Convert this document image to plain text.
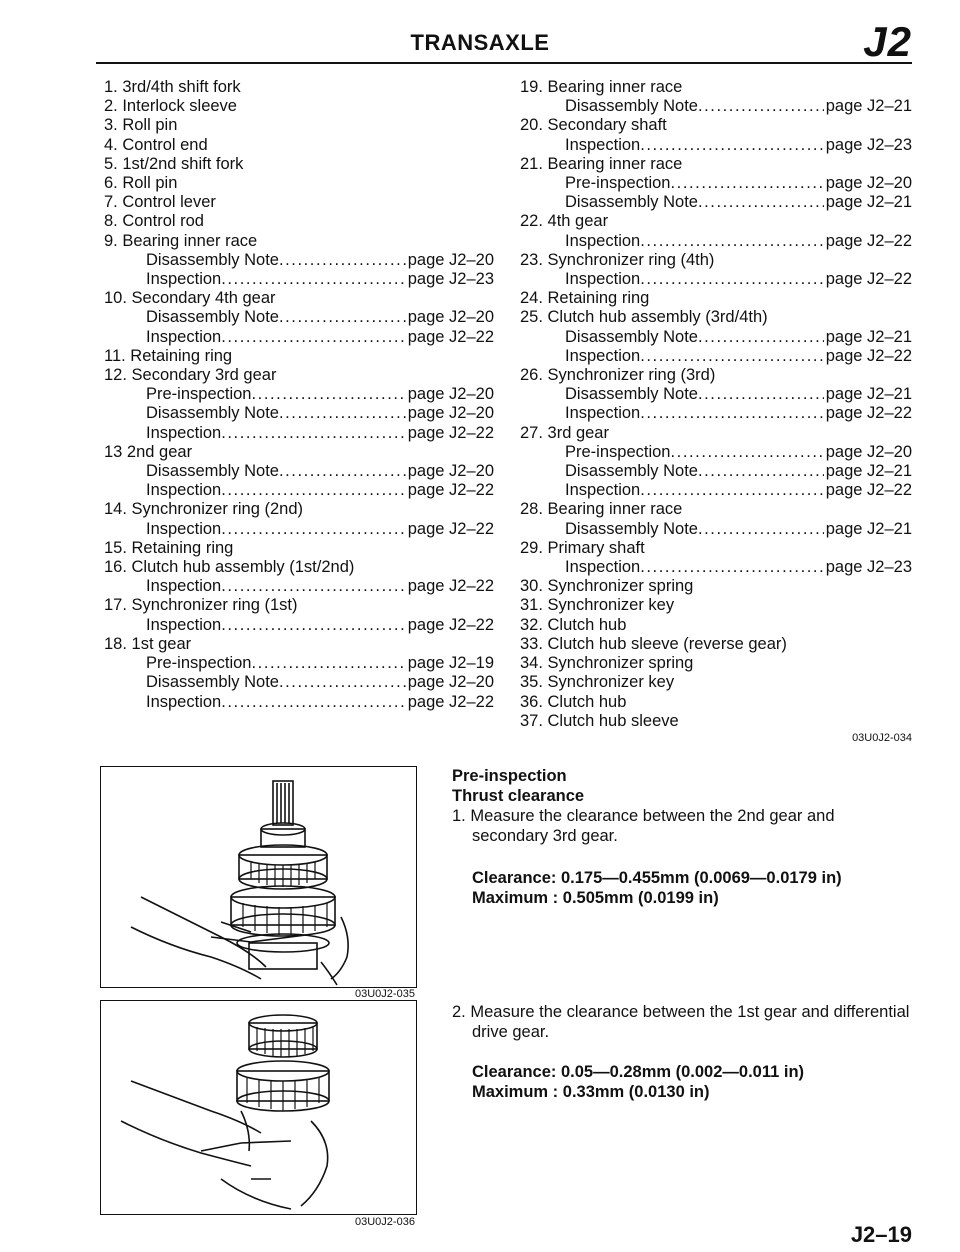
TRANSAXLE	J2
1. 3rd/4th shift fork
2. Interlock sleeve
3. Roll pin
4. Control end
5. 1st/2nd shift fork
6. Roll pin
7. Control lever
8. Control rod
9. Bearing inner race
Disassembly Note . . .	page J2–20
Inspection . . .	page J2–23
10. Secondary 4th gear
Disassembly Note . . .	page J2–20
Inspection . . .	page J2–22
11. Retaining ring
12. Secondary 3rd gear
Pre-inspection . . .	page J2–20
Disassembly Note . . .	page J2–20
Inspection . . .	page J2–22
13 2nd gear
Disassembly Note . . .	page J2–20
Inspection . . .	page J2–22
14. Synchronizer ring (2nd)
Inspection . . .	page J2–22
15. Retaining ring
16. Clutch hub assembly (1st/2nd)
Inspection . . .	page J2–22
17. Synchronizer ring (1st)
Inspection . . .	page J2–22
18. 1st gear
Pre-inspection . . .	page J2–19
Disassembly Note . . .	page J2–20
Inspection . . .	page J2–22
19. Bearing inner race
Disassembly Note . . .	page J2–21
20. Secondary shaft
Inspection . . .	page J2–23
21. Bearing inner race
Pre-inspection . . .	page J2–20
Disassembly Note . . .	page J2–21
22. 4th gear
Inspection . . .	page J2–22
23. Synchronizer ring (4th)
Inspection . . .	page J2–22
24. Retaining ring
25. Clutch hub assembly (3rd/4th)
Disassembly Note . . .	page J2–21
Inspection . . .	page J2–22
26. Synchronizer ring (3rd)
Disassembly Note . . .	page J2–21
Inspection . . .	page J2–22
27. 3rd gear
Pre-inspection . . .	page J2–20
Disassembly Note . . .	page J2–21
Inspection . . .	page J2–22
28. Bearing inner race
Disassembly Note . . .	page J2–21
29. Primary shaft
Inspection . . .	page J2–23
30. Synchronizer spring
31. Synchronizer key
32. Clutch hub
33. Clutch hub sleeve (reverse gear)
34. Synchronizer spring
35. Synchronizer key
36. Clutch hub
37. Clutch hub sleeve
03U0J2-034
03U0J2-035
03U0J2-036
Pre-inspection
Thrust clearance
1. Measure the clearance between the 2nd gear and secondary 3rd gear.
Clearance: 0.175—0.455mm (0.0069—0.0179 in)
Maximum : 0.505mm (0.0199 in)
2. Measure the clearance between the 1st gear and differential drive gear.
Clearance: 0.05—0.28mm (0.002—0.011 in)
Maximum : 0.33mm (0.0130 in)
J2–19
